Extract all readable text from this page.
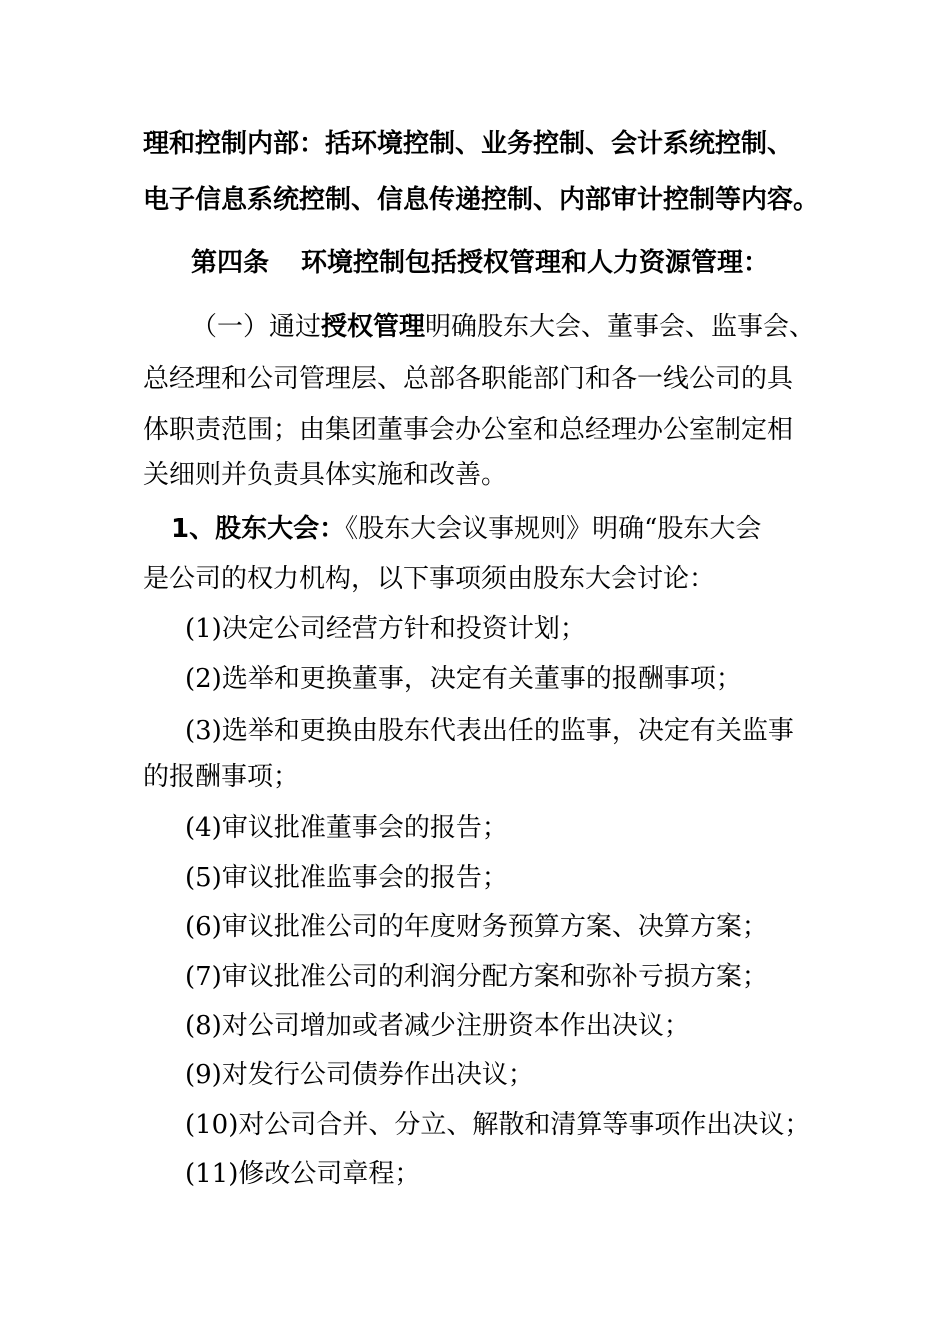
理和控制内部：括环境控制、业务控制、会计系统控制、
电子信息系统控制、信息传递控制、内部审计控制等内容。
第四条 环境控制包括授权管理和人力资源管理：
（一）通过授权管理明确股东大会、董事会、监事会、
总经理和公司管理层、总部各职能部门和各一线公司的具
体职责范围；由集团董事会办公室和总经理办公室制定相
关细则并负责具体实施和改善。
1、股东大会：《股东大会议事规则》明确“股东大会
是公司的权力机构，以下事项须由股东大会讨论：
(1)决定公司经营方针和投资计划；
(2)选举和更换董事，决定有关董事的报酬事项；
(3)选举和更换由股东代表出任的监事，决定有关监事
的报酬事项；
(4)审议批准董事会的报告；
(5)审议批准监事会的报告；
(6)审议批准公司的年度财务预算方案、决算方案；
(7)审议批准公司的利润分配方案和弥补亏损方案；
(8)对公司增加或者减少注册资本作出决议；
(9)对发行公司债券作出决议；
(10)对公司合并、分立、解散和清算等事项作出决议；
(11)修改公司章程；
